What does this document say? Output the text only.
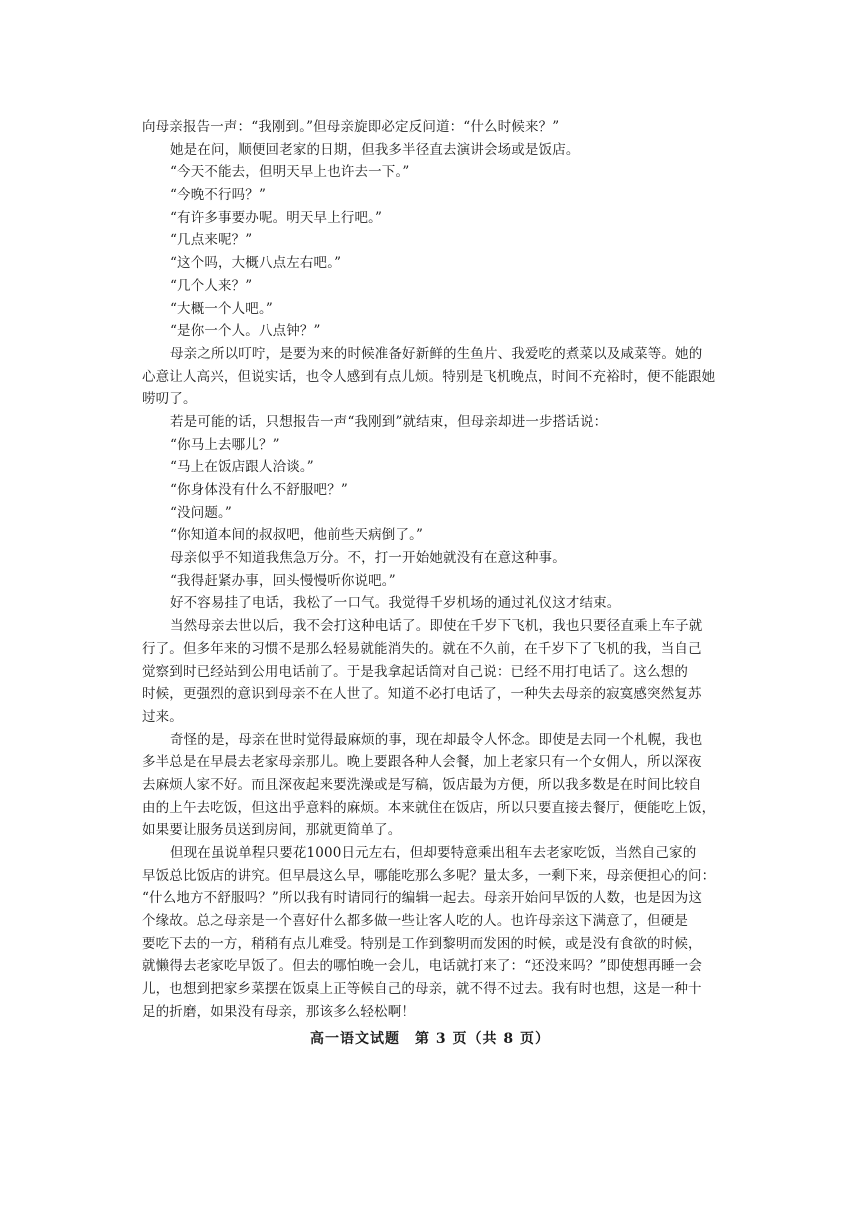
向母亲报告一声：“我刚到。”但母亲旋即必定反问道：“什么时候来？”
她是在问，顺便回老家的日期，但我多半径直去演讲会场或是饭店。
“今天不能去，但明天早上也许去一下。”
“今晚不行吗？”
“有许多事要办呢。明天早上行吧。”
“几点来呢？”
“这个吗，大概八点左右吧。”
“几个人来？”
“大概一个人吧。”
“是你一个人。八点钟？”
母亲之所以叮咛，是要为来的时候准备好新鲜的生鱼片、我爱吃的煮菜以及咸菜等。她的
心意让人高兴，但说实话，也令人感到有点儿烦。特别是飞机晚点，时间不充裕时，便不能跟她
唠叨了。
若是可能的话，只想报告一声“我刚到”就结束，但母亲却进一步搭话说：
“你马上去哪儿？”
“马上在饭店跟人洽谈。”
“你身体没有什么不舒服吧？”
“没问题。”
“你知道本间的叔叔吧，他前些天病倒了。”
母亲似乎不知道我焦急万分。不，打一开始她就没有在意这种事。
“我得赶紧办事，回头慢慢听你说吧。”
好不容易挂了电话，我松了一口气。我觉得千岁机场的通过礼仪这才结束。
当然母亲去世以后，我不会打这种电话了。即使在千岁下飞机，我也只要径直乘上车子就
行了。但多年来的习惯不是那么轻易就能消失的。就在不久前，在千岁下了飞机的我，当自己
觉察到时已经站到公用电话前了。于是我拿起话筒对自己说：已经不用打电话了。这么想的
时候，更强烈的意识到母亲不在人世了。知道不必打电话了，一种失去母亲的寂寞感突然复苏
过来。
奇怪的是，母亲在世时觉得最麻烦的事，现在却最令人怀念。即使是去同一个札幌，我也
多半总是在早晨去老家母亲那儿。晚上要跟各种人会餐，加上老家只有一个女佣人，所以深夜
去麻烦人家不好。而且深夜起来要洗澡或是写稿，饭店最为方便，所以我多数是在时间比较自
由的上午去吃饭，但这出乎意料的麻烦。本来就住在饭店，所以只要直接去餐厅，便能吃上饭，
如果要让服务员送到房间，那就更简单了。
但现在虽说单程只要花1000日元左右，但却要特意乘出租车去老家吃饭，当然自己家的
早饭总比饭店的讲究。但早晨这么早，哪能吃那么多呢？量太多，一剩下来，母亲便担心的问：
“什么地方不舒服吗？”所以我有时请同行的编辑一起去。母亲开始问早饭的人数，也是因为这
个缘故。总之母亲是一个喜好什么都多做一些让客人吃的人。也许母亲这下满意了，但硬是
要吃下去的一方，稍稍有点儿难受。特别是工作到黎明而发困的时候，或是没有食欲的时候，
就懒得去老家吃早饭了。但去的哪怕晚一会儿，电话就打来了：“还没来吗？”即使想再睡一会
儿，也想到把家乡菜摆在饭桌上正等候自己的母亲，就不得不过去。我有时也想，这是一种十
足的折磨，如果没有母亲，那该多么轻松啊！
高一语文试题　第 3 页（共 8 页）
